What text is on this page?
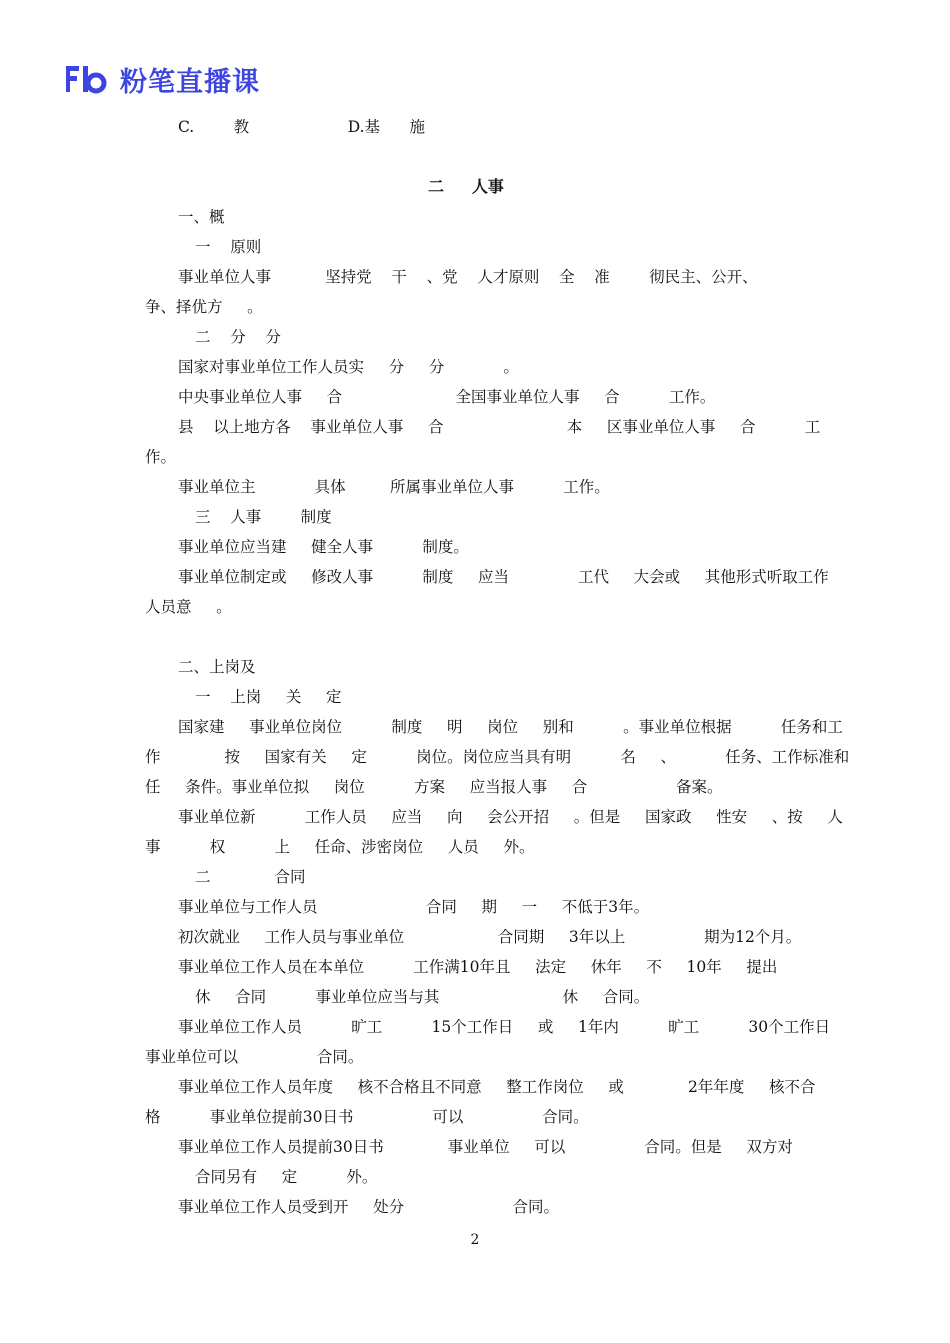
粉笔直播课
C.        教                    D.基      施
二     人事
一、概
一    原则
事业单位人事           坚持党    干    、党    人才原则    全    准        彻民主、公开、
争、择优方     。
二    分    分
国家对事业单位工作人员实     分     分            。
中央事业单位人事     合                       全国事业单位人事     合          工作。
县    以上地方各    事业单位人事     合                         本     区事业单位人事     合          工
作。
事业单位主            具体         所属事业单位人事          工作。
三    人事        制度
事业单位应当建     健全人事          制度。
事业单位制定或     修改人事          制度     应当              工代     大会或     其他形式听取工作
人员意     。
二、上岗及
一    上岗     关     定
国家建     事业单位岗位          制度     明     岗位     别和          。事业单位根据          任务和工
作             按     国家有关     定          岗位。岗位应当具有明          名     、          任务、工作标准和
任     条件。事业单位拟     岗位          方案     应当报人事     合                  备案。
事业单位新          工作人员     应当     向     会公开招     。但是     国家政     性安     、按     人
事          权          上     任命、涉密岗位     人员     外。
二             合同
事业单位与工作人员                      合同     期     一     不低于3年。
初次就业     工作人员与事业单位                   合同期     3年以上                期为12个月。
事业单位工作人员在本单位          工作满10年且     法定     休年     不     10年     提出
休     合同          事业单位应当与其                         休     合同。
事业单位工作人员          旷工          15个工作日     或     1年内          旷工          30个工作日
事业单位可以                合同。
事业单位工作人员年度     核不合格且不同意     整工作岗位     或             2年年度     核不合
格          事业单位提前30日书                可以                合同。
事业单位工作人员提前30日书             事业单位     可以                合同。但是     双方对
合同另有     定          外。
事业单位工作人员受到开     处分                      合同。
2
